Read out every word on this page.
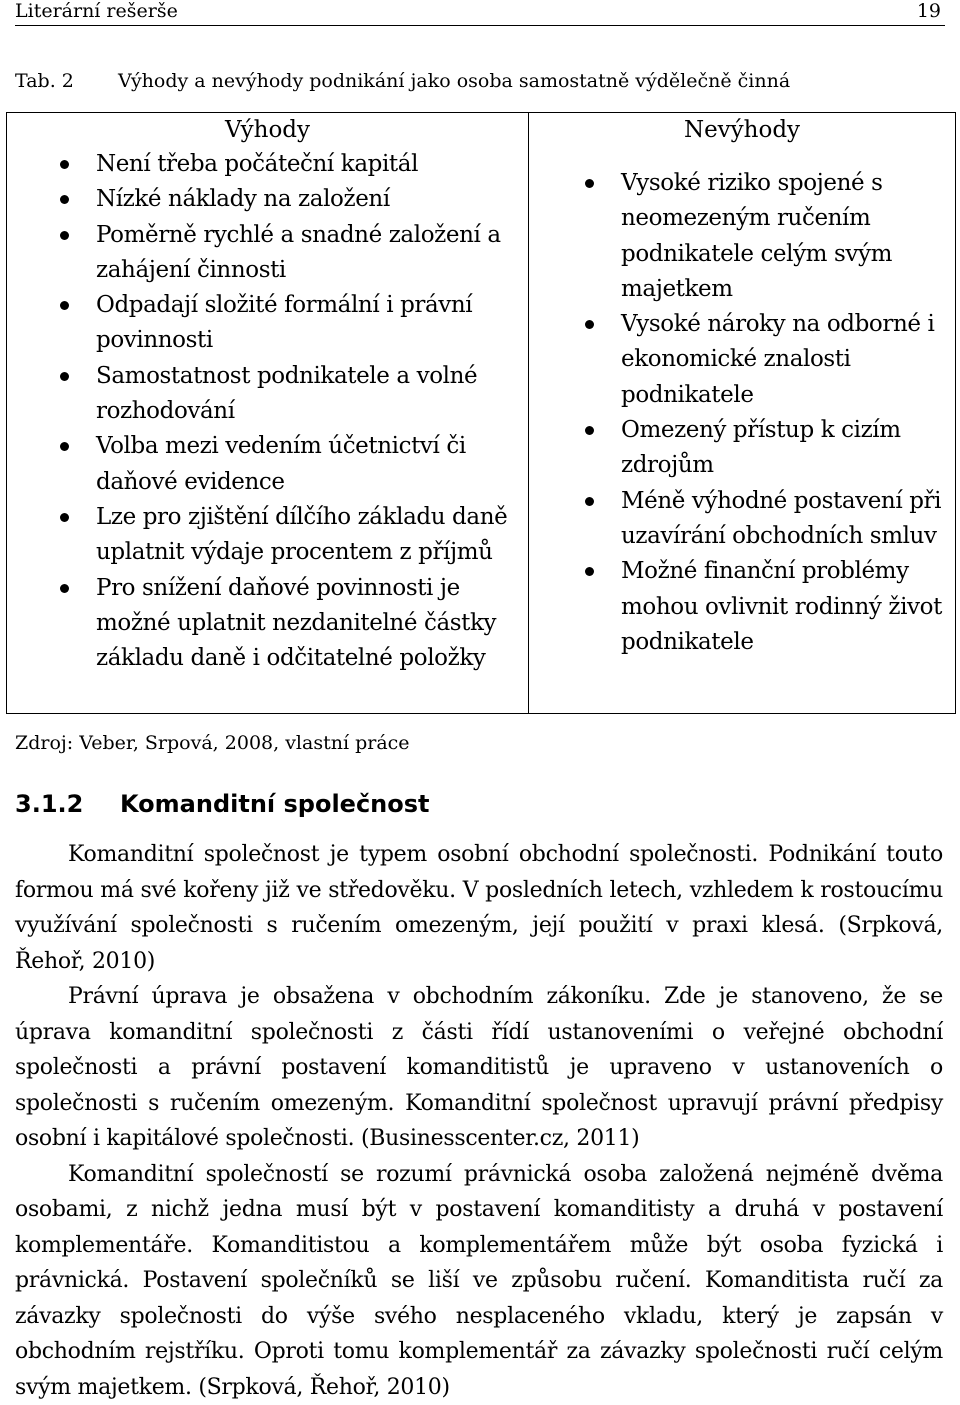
Literární rešerše	19
Tab. 2 Výhody a nevýhody podnikání jako osoba samostatně výdělečně činná
Výhody
Není třeba počáteční kapitál
Nízké náklady na založení
Poměrně rychlé a snadné založení a zahájení činnosti
Odpadají složité formální i právní povinnosti
Samostatnost podnikatele a volné rozhodování
Volba mezi vedením účetnictví či daňové evidence
Lze pro zjištění dílčího základu daně uplatnit výdaje procentem z příjmů
Pro snížení daňové povinnosti je možné uplatnit nezdanitelné částky základu daně i odčitatelné položky
Nevýhody
Vysoké riziko spojené s neomezeným ručením podnikatele celým svým majetkem
Vysoké nároky na odborné i ekonomické znalosti podnikatele
Omezený přístup k cizím zdrojům
Méně výhodné postavení při uzavírání obchodních smluv
Možné finanční problémy mohou ovlivnit rodinný život podnikatele
Zdroj: Veber, Srpová, 2008, vlastní práce
3.1.2 Komanditní společnost

Komanditní společnost je typem osobní obchodní společnosti. Podnikání touto formou má své kořeny již ve středověku. V posledních letech, vzhledem k rostoucímu využívání společnosti s ručením omezeným, její použití v praxi klesá. (Srpková, Řehoř, 2010)

Právní úprava je obsažena v obchodním zákoníku. Zde je stanoveno, že se úprava komanditní společnosti z části řídí ustanoveními o veřejné obchodní společnosti a právní postavení komanditistů je upraveno v ustanoveních o společnosti s ručením omezeným. Komanditní společnost upravují právní předpisy osobní i kapitálové společnosti. (Businesscenter.cz, 2011)

Komanditní společností se rozumí právnická osoba založená nejméně dvěma osobami, z nichž jedna musí být v postavení komanditisty a druhá v postavení komplementáře. Komanditistou a komplementářem může být osoba fyzická i právnická. Postavení společníků se liší ve způsobu ručení. Komanditista ručí za závazky společnosti do výše svého nesplaceného vkladu, který je zapsán v obchodním rejstříku. Oproti tomu komplementář za závazky společnosti ručí celým svým majetkem. (Srpková, Řehoř, 2010)
